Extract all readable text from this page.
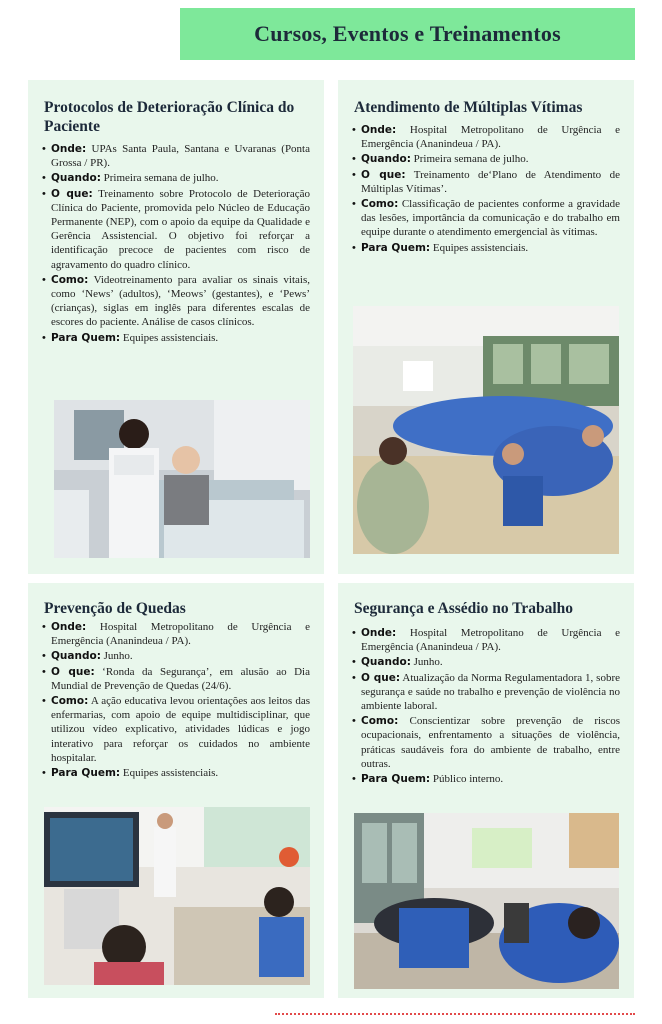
Cursos, Eventos e Treinamentos
Protocolos de Deterioração Clínica do Paciente
• Onde: UPAs Santa Paula, Santana e Uvaranas (Ponta Grossa / PR).
• Quando: Primeira semana de julho.
• O que: Treinamento sobre Protocolo de Deterioração Clínica do Paciente, promovida pelo Núcleo de Educação Permanente (NEP), com o apoio da equipe da Qualidade e Gerência Assistencial. O objetivo foi reforçar a identificação precoce de pacientes com risco de agravamento do quadro clínico.
• Como: Videotreinamento para avaliar os sinais vitais, como ‘News’ (adultos), ‘Meows’ (gestantes), e ‘Pews’ (crianças), siglas em inglês para diferentes escalas de escores do paciente. Análise de casos clínicos.
• Para Quem: Equipes assistenciais.
Atendimento de Múltiplas Vítimas
• Onde: Hospital Metropolitano de Urgência e Emergência (Ananindeua / PA).
• Quando: Primeira semana de julho.
• O que: Treinamento de‘Plano de Atendimento de Múltiplas Vítimas’.
• Como: Classificação de pacientes conforme a gravidade das lesões, importância da comunicação e do trabalho em equipe durante o atendimento emergencial às vítimas.
• Para Quem: Equipes assistenciais.
Prevenção de Quedas
• Onde: Hospital Metropolitano de Urgência e Emergência (Ananindeua / PA).
• Quando: Junho.
• O que: ‘Ronda da Segurança’, em alusão ao Dia Mundial de Prevenção de Quedas (24/6).
• Como: A ação educativa levou orientações aos leitos das enfermarias, com apoio de equipe multidisciplinar, que utilizou vídeo explicativo, atividades lúdicas e jogo interativo para reforçar os cuidados no ambiente hospitalar.
• Para Quem: Equipes assistenciais.
Segurança e Assédio no Trabalho
• Onde: Hospital Metropolitano de Urgência e Emergência (Ananindeua / PA).
• Quando: Junho.
• O que: Atualização da Norma Regulamentadora 1, sobre segurança e saúde no trabalho e prevenção de violência no ambiente laboral.
• Como: Conscientizar sobre prevenção de riscos ocupacionais, enfrentamento a situações de violência, práticas saudáveis fora do ambiente de trabalho, entre outras.
• Para Quem: Público interno.
